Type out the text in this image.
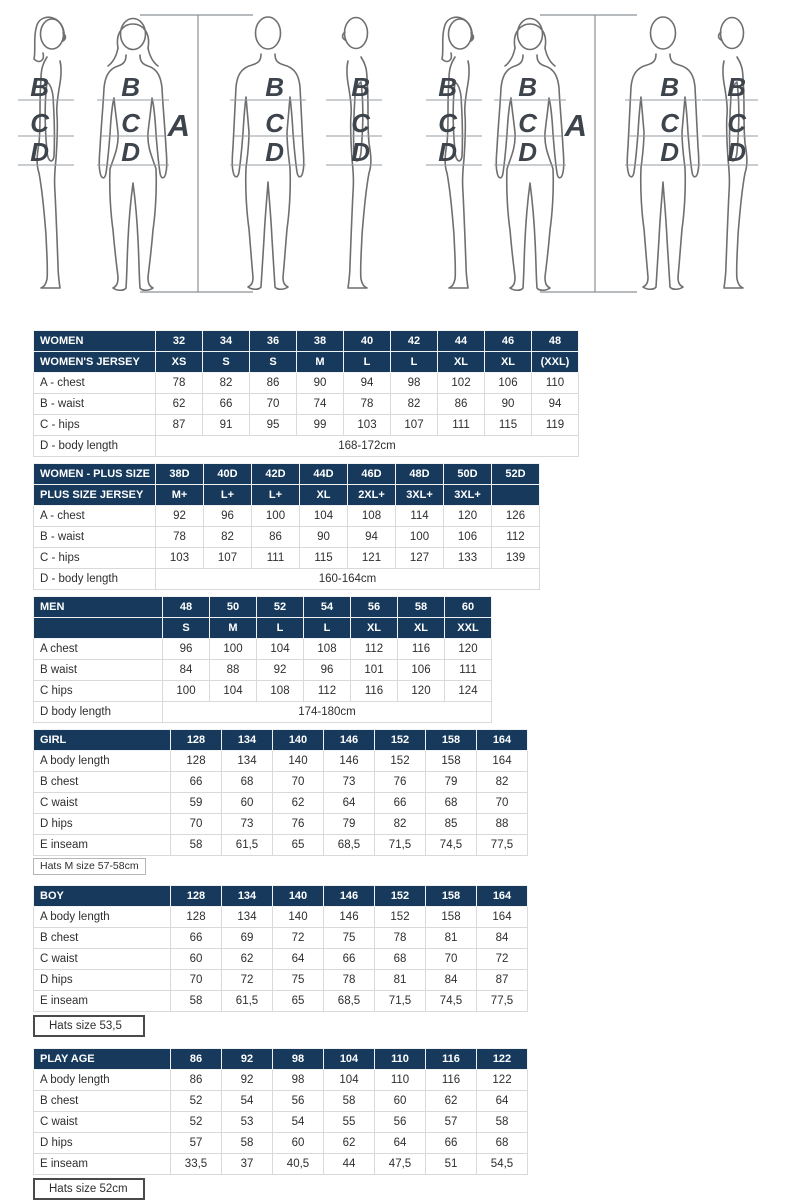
B
C
D
B
C
D
A
B
C
D
B
C
D
B
C
D
B
C
D
A
B
C
D
B
C
D
WOMEN	32	34	36	38	40	42	44	46	48
WOMEN'S JERSEY	XS	S	S	M	L	L	XL	XL	(XXL)
A - chest	78	82	86	90	94	98	102	106	110
B - waist	62	66	70	74	78	82	86	90	94
C - hips	87	91	95	99	103	107	111	115	119
D - body length	168-172cm								
WOMEN - PLUS SIZE	38D	40D	42D	44D	46D	48D	50D	52D
PLUS SIZE JERSEY	M+	L+	L+	XL	2XL+	3XL+	3XL+	
A - chest	92	96	100	104	108	114	120	126
B - waist	78	82	86	90	94	100	106	112
C - hips	103	107	111	115	121	127	133	139
D - body length	160-164cm							
MEN	48	50	52	54	56	58	60
	S	M	L	L	XL	XL	XXL
A chest	96	100	104	108	112	116	120
B waist	84	88	92	96	101	106	111
C hips	100	104	108	112	116	120	124
D body length	174-180cm						
GIRL	128	134	140	146	152	158	164
A body length	128	134	140	146	152	158	164
B chest	66	68	70	73	76	79	82
C waist	59	60	62	64	66	68	70
D hips	70	73	76	79	82	85	88
E inseam	58	61,5	65	68,5	71,5	74,5	77,5
Hats M size 57-58cm
BOY	128	134	140	146	152	158	164
A body length	128	134	140	146	152	158	164
B chest	66	69	72	75	78	81	84
C waist	60	62	64	66	68	70	72
D hips	70	72	75	78	81	84	87
E inseam	58	61,5	65	68,5	71,5	74,5	77,5
Hats size 53,5
PLAY AGE	86	92	98	104	110	116	122
A body length	86	92	98	104	110	116	122
B chest	52	54	56	58	60	62	64
C waist	52	53	54	55	56	57	58
D hips	57	58	60	62	64	66	68
E inseam	33,5	37	40,5	44	47,5	51	54,5
Hats size 52cm
